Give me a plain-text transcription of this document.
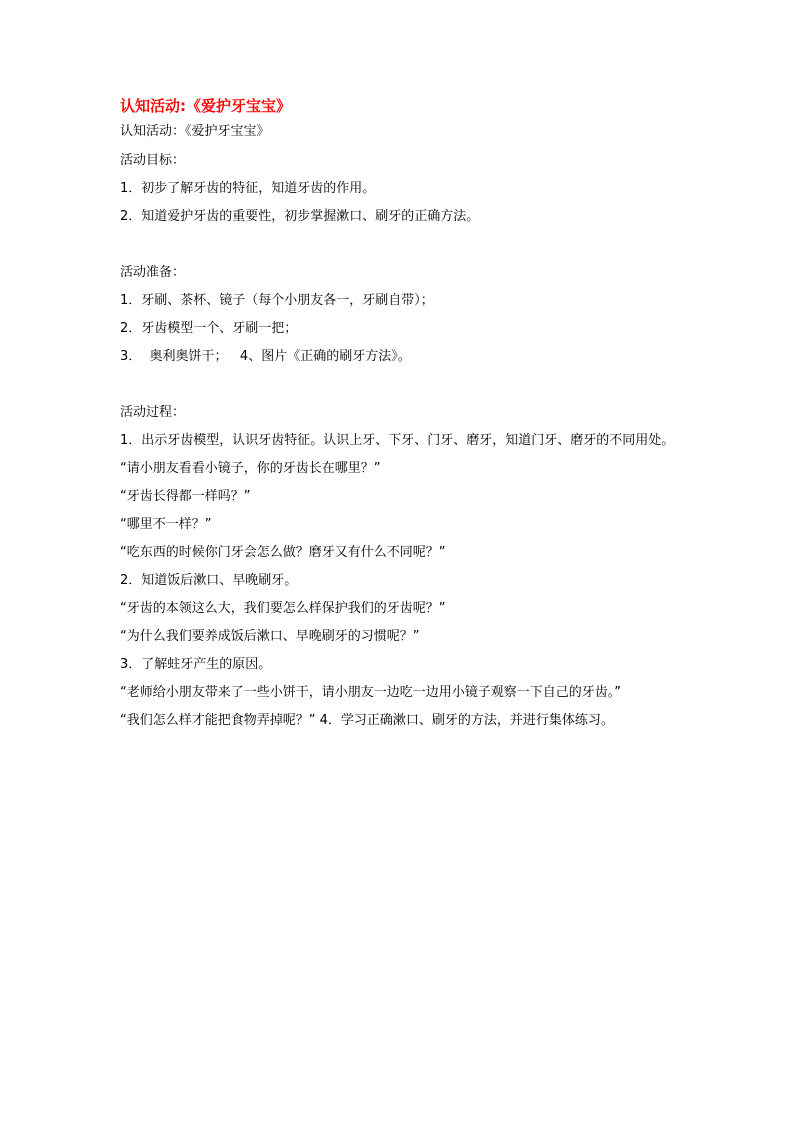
认知活动:《爱护牙宝宝》
认知活动：《爱护牙宝宝》
活动目标：
1．初步了解牙齿的特征，知道牙齿的作用。
2．知道爱护牙齿的重要性，初步掌握漱口、刷牙的正确方法。
活动准备：
1．牙刷、茶杯、镜子（每个小朋友各一，牙刷自带）；
2．牙齿模型一个、牙刷一把；
3．  奥利奥饼干；   4、图片《正确的刷牙方法》。
活动过程：
1．出示牙齿模型，认识牙齿特征。认识上牙、下牙、门牙、磨牙，知道门牙、磨牙的不同用处。
“请小朋友看看小镜子，你的牙齿长在哪里？”
“牙齿长得都一样吗？”
“哪里不一样？”
“吃东西的时候你门牙会怎么做？磨牙又有什么不同呢？”
2．知道饭后漱口、早晚刷牙。
“牙齿的本领这么大，我们要怎么样保护我们的牙齿呢？”
“为什么我们要养成饭后漱口、早晚刷牙的习惯呢？”
3．了解蛀牙产生的原因。
“老师给小朋友带来了一些小饼干，请小朋友一边吃一边用小镜子观察一下自己的牙齿。”
“我们怎么样才能把食物弄掉呢？” 4．学习正确漱口、刷牙的方法，并进行集体练习。
